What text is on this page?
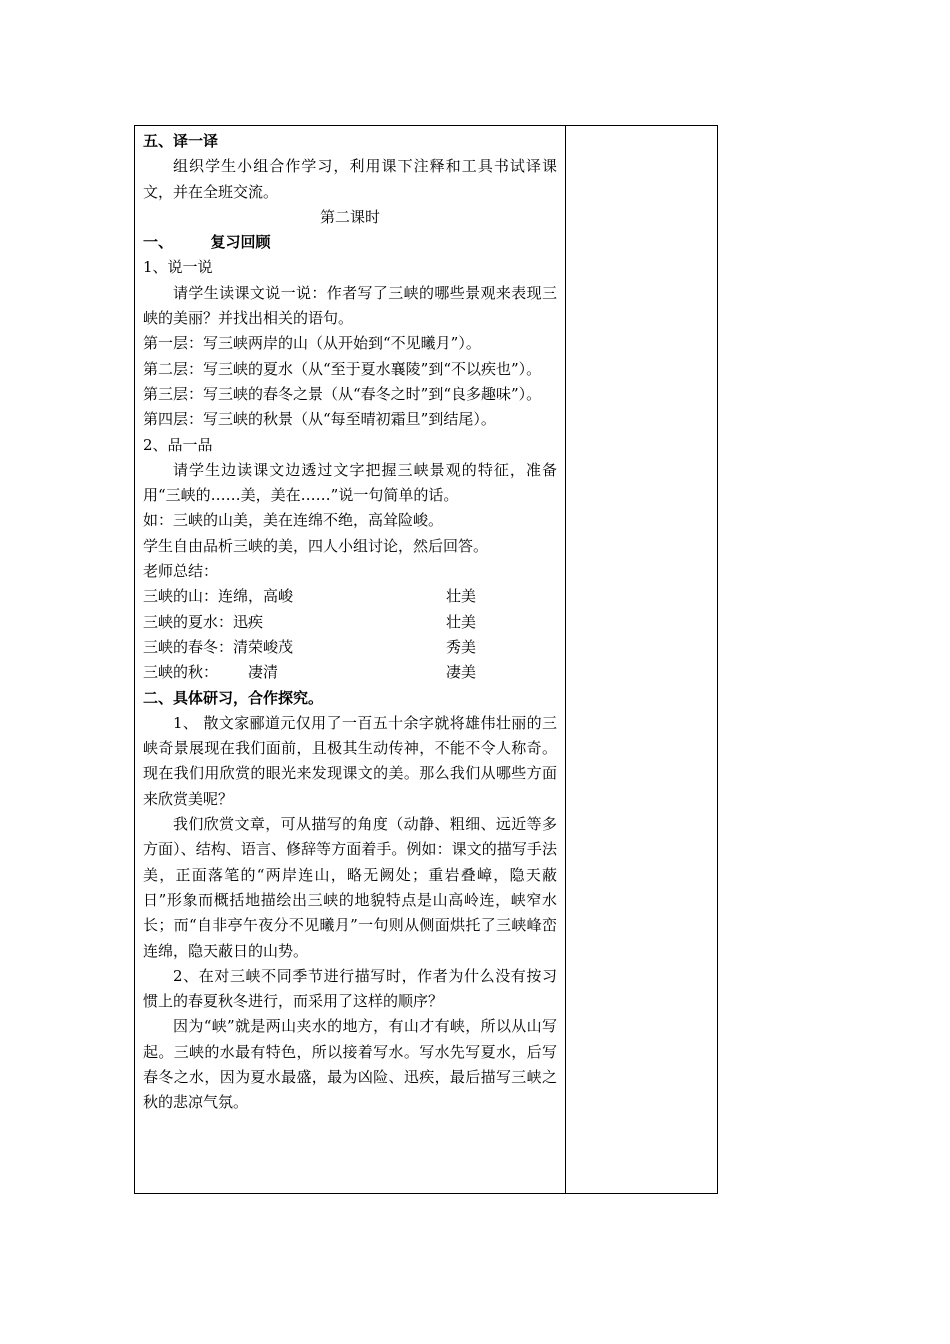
五、译一译

组织学生小组合作学习，利用课下注释和工具书试译课文，并在全班交流。

第二课时

一、	复习回顾

1、说一说

请学生读课文说一说：作者写了三峡的哪些景观来表现三峡的美丽？并找出相关的语句。

第一层：写三峡两岸的山（从开始到“不见曦月”）。

第二层：写三峡的夏水（从“至于夏水襄陵”到“不以疾也”）。

第三层：写三峡的春冬之景（从“春冬之时”到“良多趣味”）。

第四层：写三峡的秋景（从“每至晴初霜旦”到结尾）。

2、品一品

请学生边读课文边透过文字把握三峡景观的特征，准备用“三峡的……美，美在……”说一句简单的话。

如：三峡的山美，美在连绵不绝，高耸险峻。

学生自由品析三峡的美，四人小组讨论，然后回答。

老师总结：

三峡的山：连绵，高峻	壮美
三峡的夏水：迅疾	壮美
三峡的春冬：清荣峻茂	秀美
三峡的秋： 凄清	凄美

二、具体研习，合作探究。

1、 散文家郦道元仅用了一百五十余字就将雄伟壮丽的三峡奇景展现在我们面前，且极其生动传神，不能不令人称奇。现在我们用欣赏的眼光来发现课文的美。那么我们从哪些方面来欣赏美呢？

我们欣赏文章，可从描写的角度（动静、粗细、远近等多方面）、结构、语言、修辞等方面着手。例如：课文的描写手法美，正面落笔的“两岸连山，略无阙处；重岩叠嶂，隐天蔽日”形象而概括地描绘出三峡的地貌特点是山高岭连，峡窄水长；而“自非亭午夜分不见曦月”一句则从侧面烘托了三峡峰峦连绵，隐天蔽日的山势。

2、在对三峡不同季节进行描写时，作者为什么没有按习惯上的春夏秋冬进行，而采用了这样的顺序？

因为“峡”就是两山夹水的地方，有山才有峡，所以从山写起。三峡的水最有特色，所以接着写水。写水先写夏水，后写春冬之水，因为夏水最盛，最为凶险、迅疾，最后描写三峡之秋的悲凉气氛。
